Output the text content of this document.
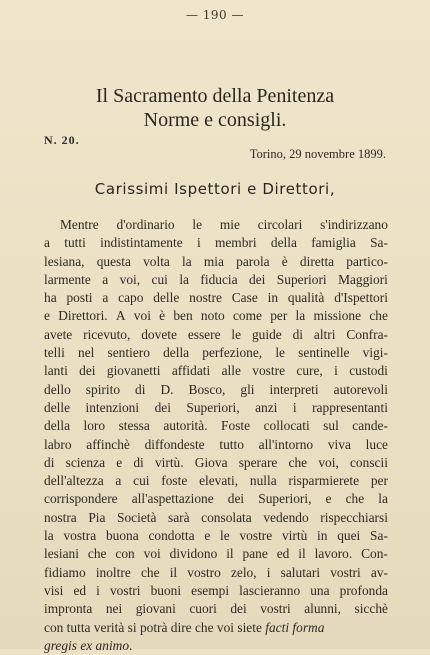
— 190 —
Il Sacramento della Penitenza
Norme e consigli.
N. 20.
Torino, 29 novembre 1899.
Carissimi Ispettori e Direttori,
Mentre d'ordinario le mie circolari s'indirizzano
a tutti indistintamente i membri della famiglia Sa-
lesiana, questa volta la mia parola è diretta partico-
larmente a voi, cui la fiducia dei Superiori Maggiori
ha posti a capo delle nostre Case in qualità d'Ispettori
e Direttori. A voi è ben noto come per la missione che
avete ricevuto, dovete essere le guide di altri Confra-
telli nel sentiero della perfezione, le sentinelle vigi-
lanti dei giovanetti affidati alle vostre cure, i custodi
dello spirito di D. Bosco, gli interpreti autorevoli
delle intenzioni dei Superiori, anzi i rappresentanti
della loro stessa autorità. Foste collocati sul cande-
labro affinchè diffondeste tutto all'intorno viva luce
di scienza e di virtù. Giova sperare che voi, conscii
dell'altezza a cui foste elevati, nulla risparmierete per
corrispondere all'aspettazione dei Superiori, e che la
nostra Pia Società sarà consolata vedendo rispecchiarsi
la vostra buona condotta e le vostre virtù in quei Sa-
lesiani che con voi dividono il pane ed il lavoro. Con-
fidiamo inoltre che il vostro zelo, i salutari vostri av-
visi ed i vostri buoni esempi lascieranno una profonda
impronta nei giovani cuori dei vostri alunni, sicchè
con tutta verità si potrà dire che voi siete
facti forma
gregis ex animo .
